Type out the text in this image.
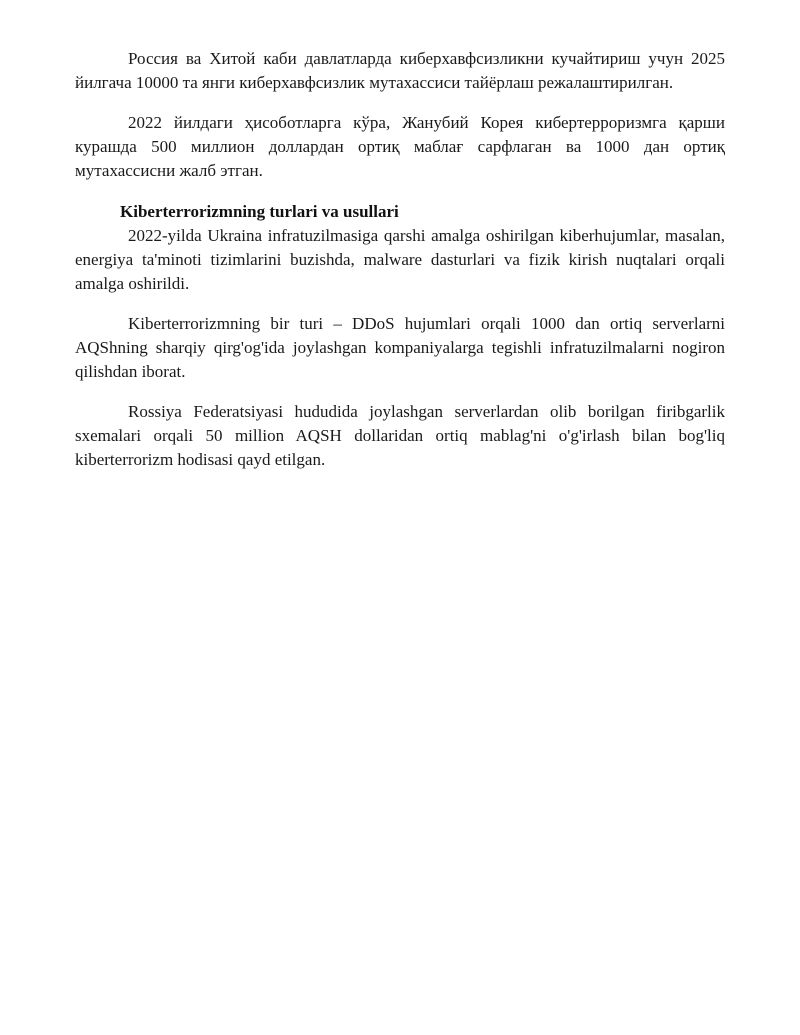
Россия ва Хитой каби давлатларда киберхавфсизликни кучайтириш учун 2025 йилгача 10000 та янги киберхавфсизлик мутахассиси тайёрлаш режалаштирилган.

2022 йилдаги ҳисоботларга кўра, Жанубий Корея кибертерроризмга қарши курашда 500 миллион доллардан ортиқ маблағ сарфлаган ва 1000 дан ортиқ мутахассисни жалб этган.

Kiberterrorizmning turlari va usullari

2022-yilda Ukraina infratuzilmasiga qarshi amalga oshirilgan kiberhujumlar, masalan, energiya ta'minoti tizimlarini buzishda, malware dasturlari va fizik kirish nuqtalari orqali amalga oshirildi.

Kiberterrorizmning bir turi – DDoS hujumlari orqali 1000 dan ortiq serverlarni AQShning sharqiy qirg'og'ida joylashgan kompaniyalarga tegishli infratuzilmalarni nogiron qilishdan iborat.

Rossiya Federatsiyasi hududida joylashgan serverlardan olib borilgan firibgarlik sxemalari orqali 50 million AQSH dollaridan ortiq mablag'ni o'g'irlash bilan bog'liq kiberterrorizm hodisasi qayd etilgan.
